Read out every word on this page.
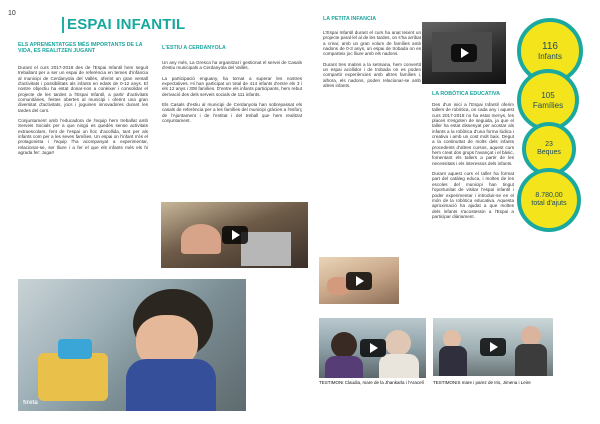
10
ESPAI INFANTIL
ELS APRENENTATGES MÉS IMPORTANTS DE LA VIDA, ES REALITZEN JUGANT

Durant el curs 2017-2018 des de l'Espai Infantil hem seguit treballant per a ser un espai de referència en temes d'infància al municipi de Cerdanyola del Vallès, oferint un gran ventall d'activitats i possibilitats als infants en edats de 0-12 anys. El nostre objectiu ha estat donar-nos a conèixer i consolidar el projecte de les tardes a l'Espai Infantil, a partir d'activitats comunitàries, festes obertes al municipi i oferint una gran diversitat d'activitats, jocs i joguines innovadores durant les tardes del curs.

Conjuntament amb l'educadora de l'equip hem treballat amb Serveis Socials per a que ningú es quedés sense activitats extraescolars, fent de l'espai un lloc d'acollida, tant per als infants com per a les seves famílies. Un espai on l'infant n'és el protagonista i l'equip l'ha acompanyat a experimentar, relacionar-se, ser lliure i a fer el que els infants més els hi agrada fer: Jugar!

L'ESTIU A CERDANYOLA

Un any més, La Grescа ha organitzat i gestionat el servei de Casals d'estiu municipals a Cerdanyola del Vallès.

La participació enguany, ha tornat a superar les nostres expectatives. Hi han participat un total de 414 infants d'entre els 3 i els 12 anys i 308 famílies. D'entre els infants participants, hem rebut derivació des dels serveis socials de 111 infants.

Els Casals d'estiu al municipi de Cerdanyola han sobrepassat els casals de referència per a les famílies del municipi gràcies a l'esforç de l'Ajuntament i de l'entitat i del treball que hem realitzat conjuntament.

fireta
LA PETITA INFANCIA

L'Espai Infantil durant el curs ha anat teixint un projecte paral·lel al de les tardes, on s'ha arribat a crear, amb un gran volum de famílies amb nadons de 0-3 anys, un espai de trobada on es comparteix joc lliure amb els nadons.

Durant tres matins a la setmana, hem convertit un espai acollidor i de trobada on es poden compartir experiències amb altres famílies i, alhora, els nadons, poden relacionar-se amb altres infants.

TESTIMONI Claudia, mare de la Jhankarla i l'Aracelí
LA ROBÒTICA EDUCATIVA

Des d'un inici a l'Espai Infantil oferim tallers de robòtica, on cada any i aquest curs 2017-2018 no ha estat menys, les places s'esgoten de seguida, ja que el taller ha estat dissenyat per acostar als infants a la robòtica d'una forma lúdica i creativa i amb un cost molt baix. Degut a la continuïtat de molts dels infants procedents d'altres cursos, aquest curs hem creat dos grups l'avançat i el bàsic, fomentant els tallers a partir de les necessitats i els interessos dels infants.

Durant aquest curs el taller ha format part del catàleg educa, i moltes de les escoles del municipi han tingut l'oportunitat de visitar l'espai infantil i poder experimentar i introduir-se en el món de la robòtica educativa. Aquesta aproximació ha ajudat a que moltes dels infants s'acostessin a l'Espai a participar diàriament.

TESTIMONIS mare i parez de Iris, Jimena i Leire
116
Infants
105
Famílies
23
Beques
8.780,00
total d'ajuts
